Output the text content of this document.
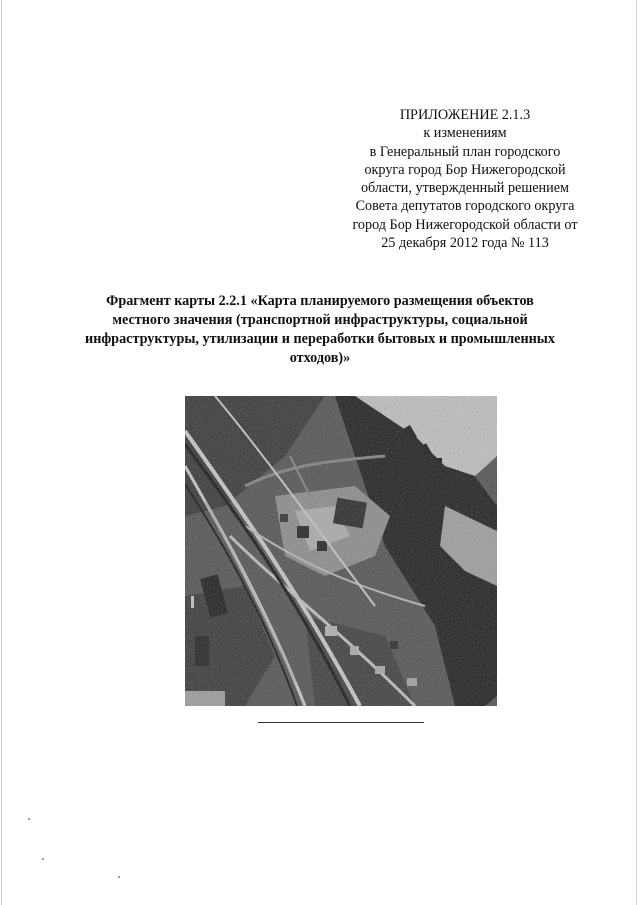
ПРИЛОЖЕНИЕ 2.1.3
к изменениям
в Генеральный план городского
округа город Бор Нижегородской
области, утвержденный решением
Совета депутатов городского округа
город Бор Нижегородской области от
25 декабря 2012 года № 113
Фрагмент карты 2.2.1 «Карта планируемого размещения объектов
местного значения (транспортной инфраструктуры, социальной
инфраструктуры, утилизации и переработки бытовых и промышленных
отходов)»
